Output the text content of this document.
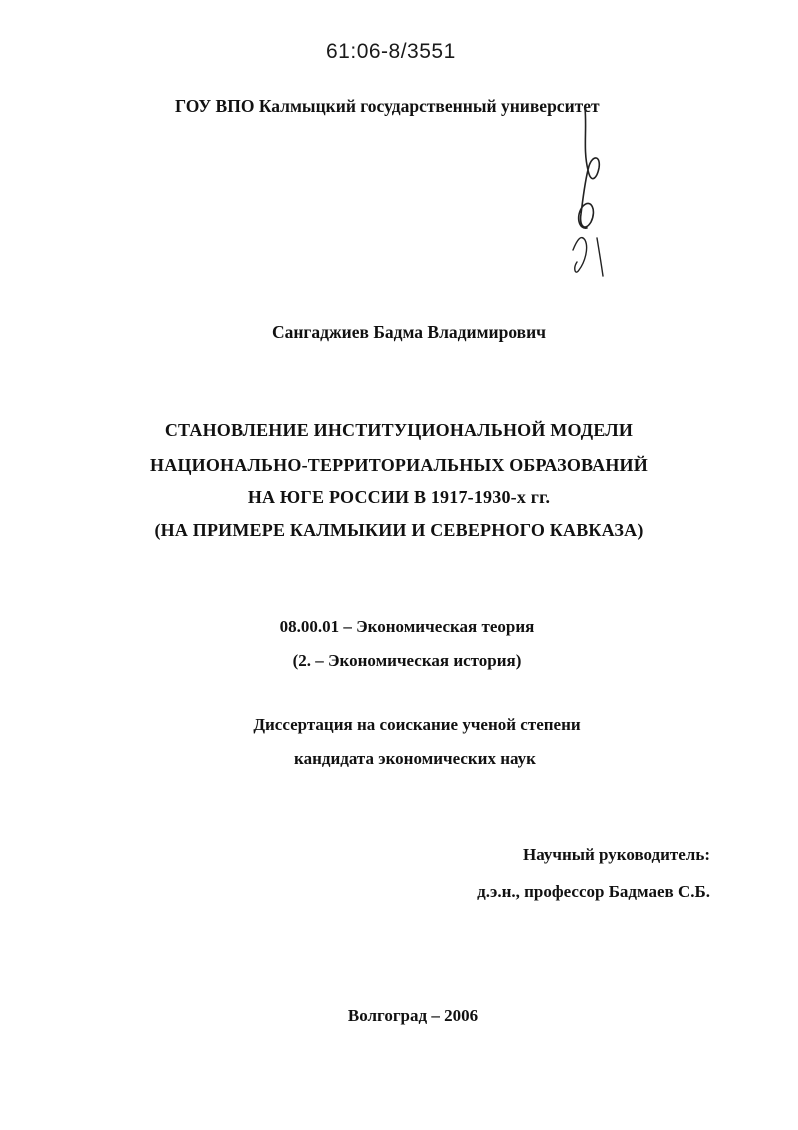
61:06-8/3551
ГОУ ВПО Калмыцкий государственный университет
Сангаджиев Бадма Владимирович
СТАНОВЛЕНИЕ ИНСТИТУЦИОНАЛЬНОЙ МОДЕЛИ
НАЦИОНАЛЬНО-ТЕРРИТОРИАЛЬНЫХ ОБРАЗОВАНИЙ
НА ЮГЕ РОССИИ В 1917-1930-х гг.
(НА ПРИМЕРЕ КАЛМЫКИИ И СЕВЕРНОГО КАВКАЗА)
08.00.01 – Экономическая теория
(2. – Экономическая история)
Диссертация на соискание ученой степени
кандидата экономических наук
Научный руководитель:
д.э.н., профессор Бадмаев С.Б.
Волгоград – 2006
